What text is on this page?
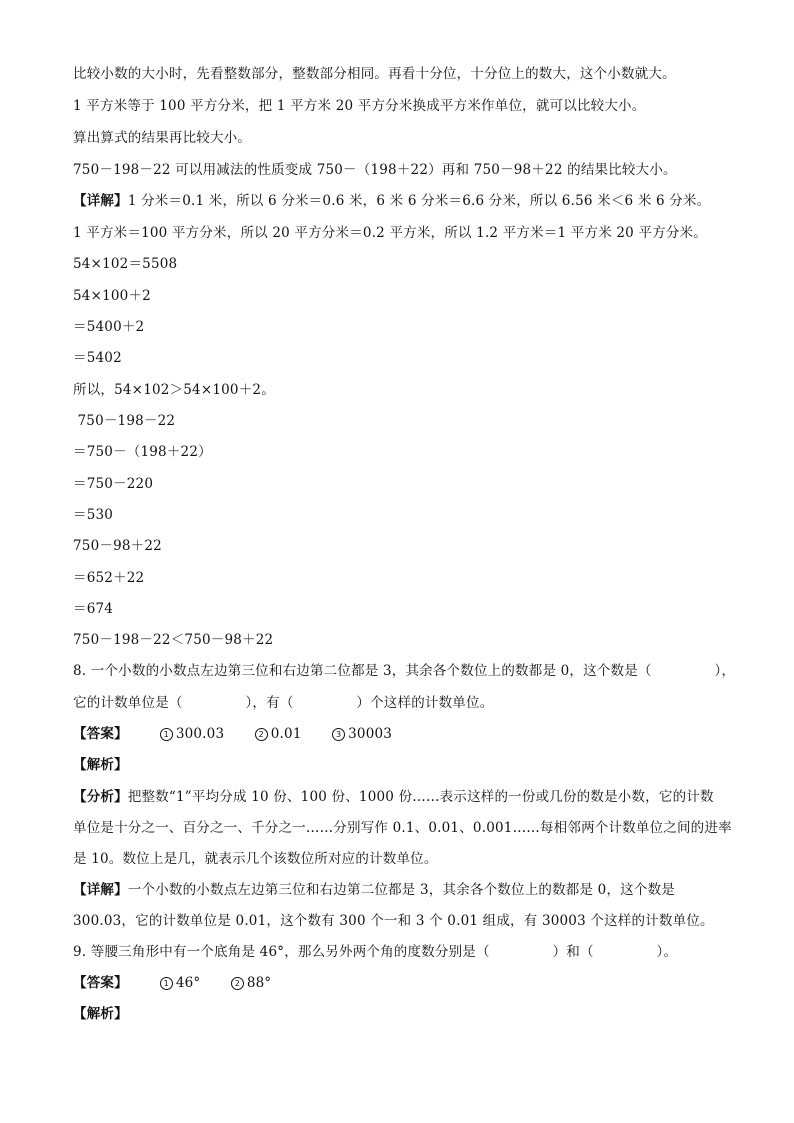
比较小数的大小时，先看整数部分，整数部分相同。再看十分位，十分位上的数大，这个小数就大。
1 平方米等于 100 平方分米，把 1 平方米 20 平方分米换成平方米作单位，就可以比较大小。
算出算式的结果再比较大小。
750－198－22 可以用减法的性质变成 750－（198＋22）再和 750－98＋22 的结果比较大小。
【详解】1 分米＝0.1 米，所以 6 分米＝0.6 米，6 米 6 分米＝6.6 分米，所以 6.56 米＜6 米 6 分米。
1 平方米＝100 平方分米，所以 20 平方分米＝0.2 平方米，所以 1.2 平方米＝1 平方米 20 平方分米。
54×102＝5508
54×100＋2
＝5400＋2
＝5402
所以，54×102＞54×100＋2。
750－198－22
＝750－（198＋22）
＝750－220
＝530
750－98＋22
＝652＋22
＝674
750－198－22＜750－98＋22
8. 一个小数的小数点左边第三位和右边第二位都是 3，其余各个数位上的数都是 0，这个数是（              ），
它的计数单位是（              ），有（              ）个这样的计数单位。
【答案】	1 300.03	2 0.01	3 30003
【解析】
【分析】把整数“1”平均分成 10 份、100 份、1000 份……表示这样的一份或几份的数是小数，它的计数
单位是十分之一、百分之一、千分之一……分别写作 0.1、0.01、0.001……每相邻两个计数单位之间的进率
是 10。数位上是几，就表示几个该数位所对应的计数单位。
【详解】一个小数的小数点左边第三位和右边第二位都是 3，其余各个数位上的数都是 0，这个数是
300.03，它的计数单位是 0.01，这个数有 300 个一和 3 个 0.01 组成，有 30003 个这样的计数单位。
9. 等腰三角形中有一个底角是 46°，那么另外两个角的度数分别是（              ）和（              ）。
【答案】	1 46°	2 88°
【解析】
